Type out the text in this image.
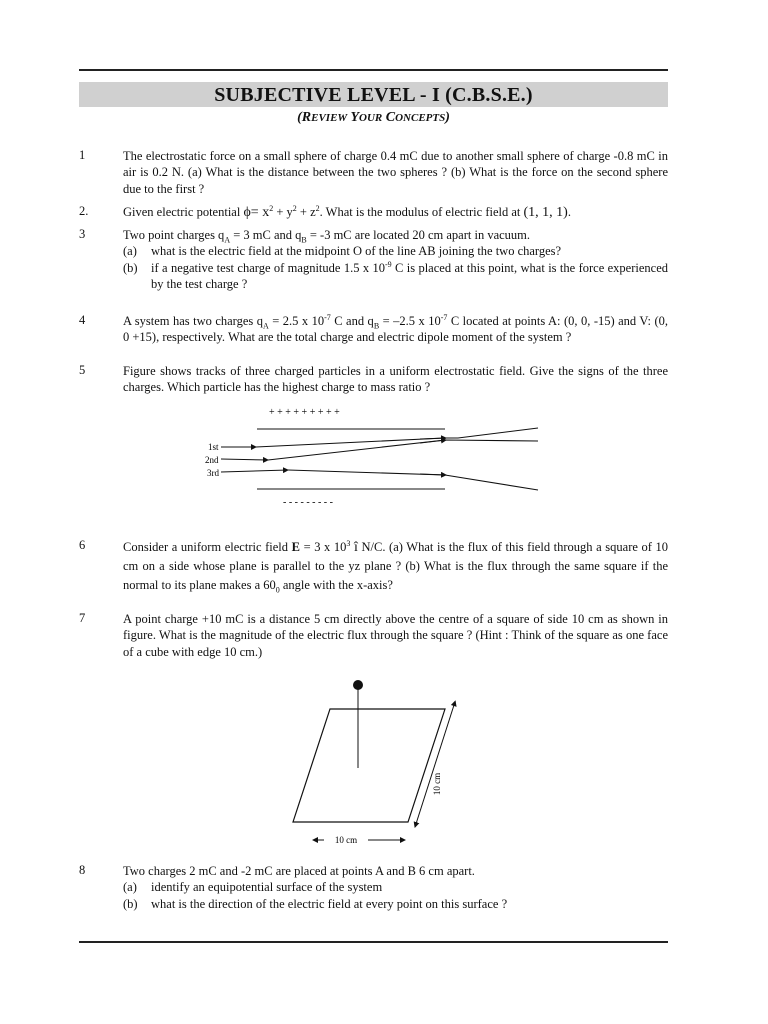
SUBJECTIVE LEVEL - I (C.B.S.E.)
(REVIEW YOUR CONCEPTS)
1	The electrostatic force on a small sphere of charge 0.4 mC due to another small sphere of charge -0.8 mC in air is 0.2 N. (a) What is the distance between the two spheres ? (b) What is the force on the second sphere due to the first ?
2.	Given electric potential $\phi= x^2 + y^2 + z^2$. What is the modulus of electric field at (1, 1, 1).
3	Two point charges $q_A = 3$ mC and $q_B = -3$ mC are located 20 cm apart in vacuum.
(a) what is the electric field at the midpoint O of the line AB joining the two charges?
(b) if a negative test charge of magnitude 1.5 x $10^{-9}$ C is placed at this point, what is the force experienced by the test charge ?
4	A system has two charges $q_A = 2.5$ x $10^{-7}$ C and $q_B = -2.5$ x $10^{-7}$ C located at points A: (0, 0, -15) and V: (0, 0 +15), respectively. What are the total charge and electric dipole moment of the system ?
5	Figure shows tracks of three charged particles in a uniform electrostatic field. Give the signs of the three charges. Which particle has the highest charge to mass ratio ?
+ + + + + + + + +
- - - - - - - - -
1st
2nd
3rd
6	Consider a uniform electric field E = 3 x $10^3$ î N/C. (a) What is the flux of this field through a square of 10 cm on a side whose plane is parallel to the yz plane ? (b) What is the flux through the same square if the normal to its plane makes a $60_0$ angle with the x-axis?
7	A point charge +10 mC is a distance 5 cm directly above the centre of a square of side 10 cm as shown in figure. What is the magnitude of the electric flux through the square ? (Hint : Think of the square as one face of a cube with edge 10 cm.)
10 cm
10 cm
8	Two charges 2 mC and -2 mC are placed at points A and B 6 cm apart.
(a) identify an equipotential surface of the system
(b) what is the direction of the electric field at every point on this surface ?
